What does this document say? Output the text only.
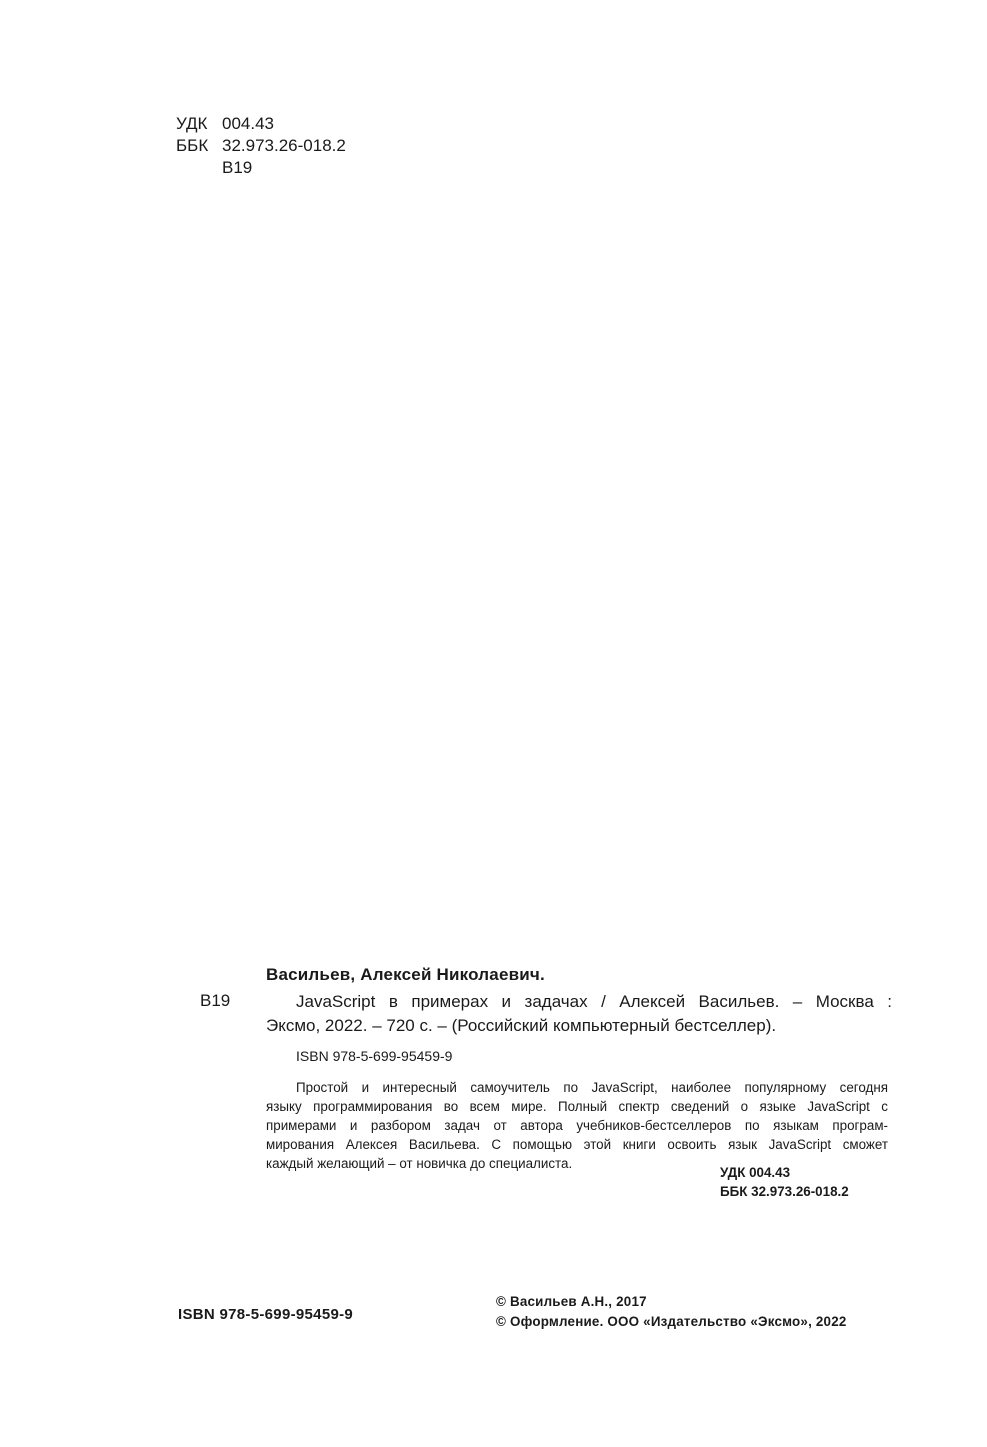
УДК 004.43
ББК 32.973.26-018.2
В19
Васильев, Алексей Николаевич.
В19	JavaScript в примерах и задачах / Алексей Васильев. – Москва :
Эксмо, 2022. – 720 с. – (Российский компьютерный бестселлер).
ISBN 978-5-699-95459-9
Простой и интересный самоучитель по JavaScript, наиболее популярному сегодня
языку программирования во всем мире. Полный спектр сведений о языке JavaScript с
примерами и разбором задач от автора учебников-бестселлеров по языкам програм-
мирования Алексея Васильева. С помощью этой книги освоить язык JavaScript сможет
каждый желающий – от новичка до специалиста.
УДК 004.43
ББК 32.973.26-018.2
ISBN 978-5-699-95459-9
© Васильев А.Н., 2017
© Оформление. ООО «Издательство «Эксмо», 2022
